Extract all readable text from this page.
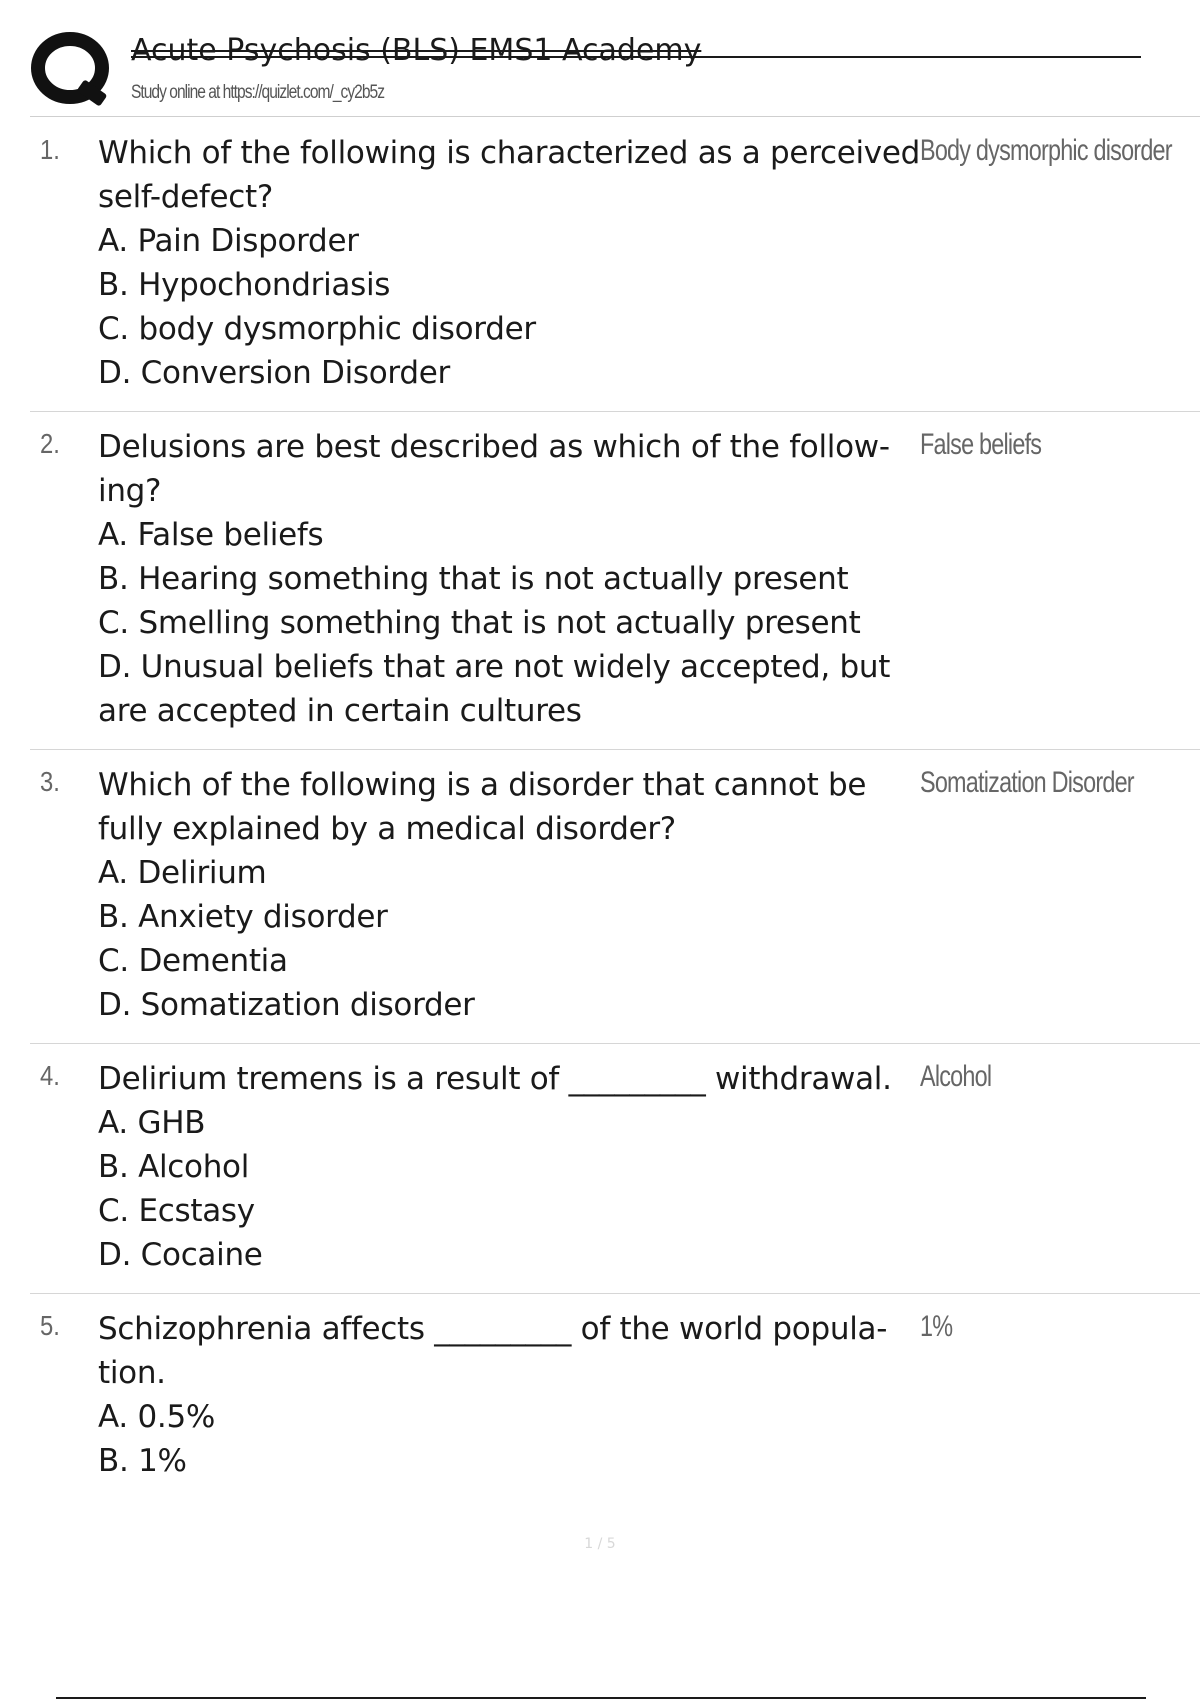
Acute Psychosis (BLS) EMS1 Academy
Study online at https://quizlet.com/_cy2b5z
1. Which of the following is characterized as a perceived self-defect?
A. Pain Disporder
B. Hypochondriasis
C. body dysmorphic disorder
D. Conversion Disorder
Body dysmorphic disorder
2. Delusions are best described as which of the follow- ing?
A. False beliefs
B. Hearing something that is not actually present
C. Smelling something that is not actually present
D. Unusual beliefs that are not widely accepted, but are accepted in certain cultures
False beliefs
3. Which of the following is a disorder that cannot be fully explained by a medical disorder?
A. Delirium
B. Anxiety disorder
C. Dementia
D. Somatization disorder
Somatization Disorder
4. Delirium tremens is a result of _________ withdrawal. A. GHB
B. Alcohol
C. Ecstasy
D. Cocaine
Alcohol
5. Schizophrenia affects _________ of the world popula- tion.
A. 0.5%
B. 1%
1%
1 / 5
